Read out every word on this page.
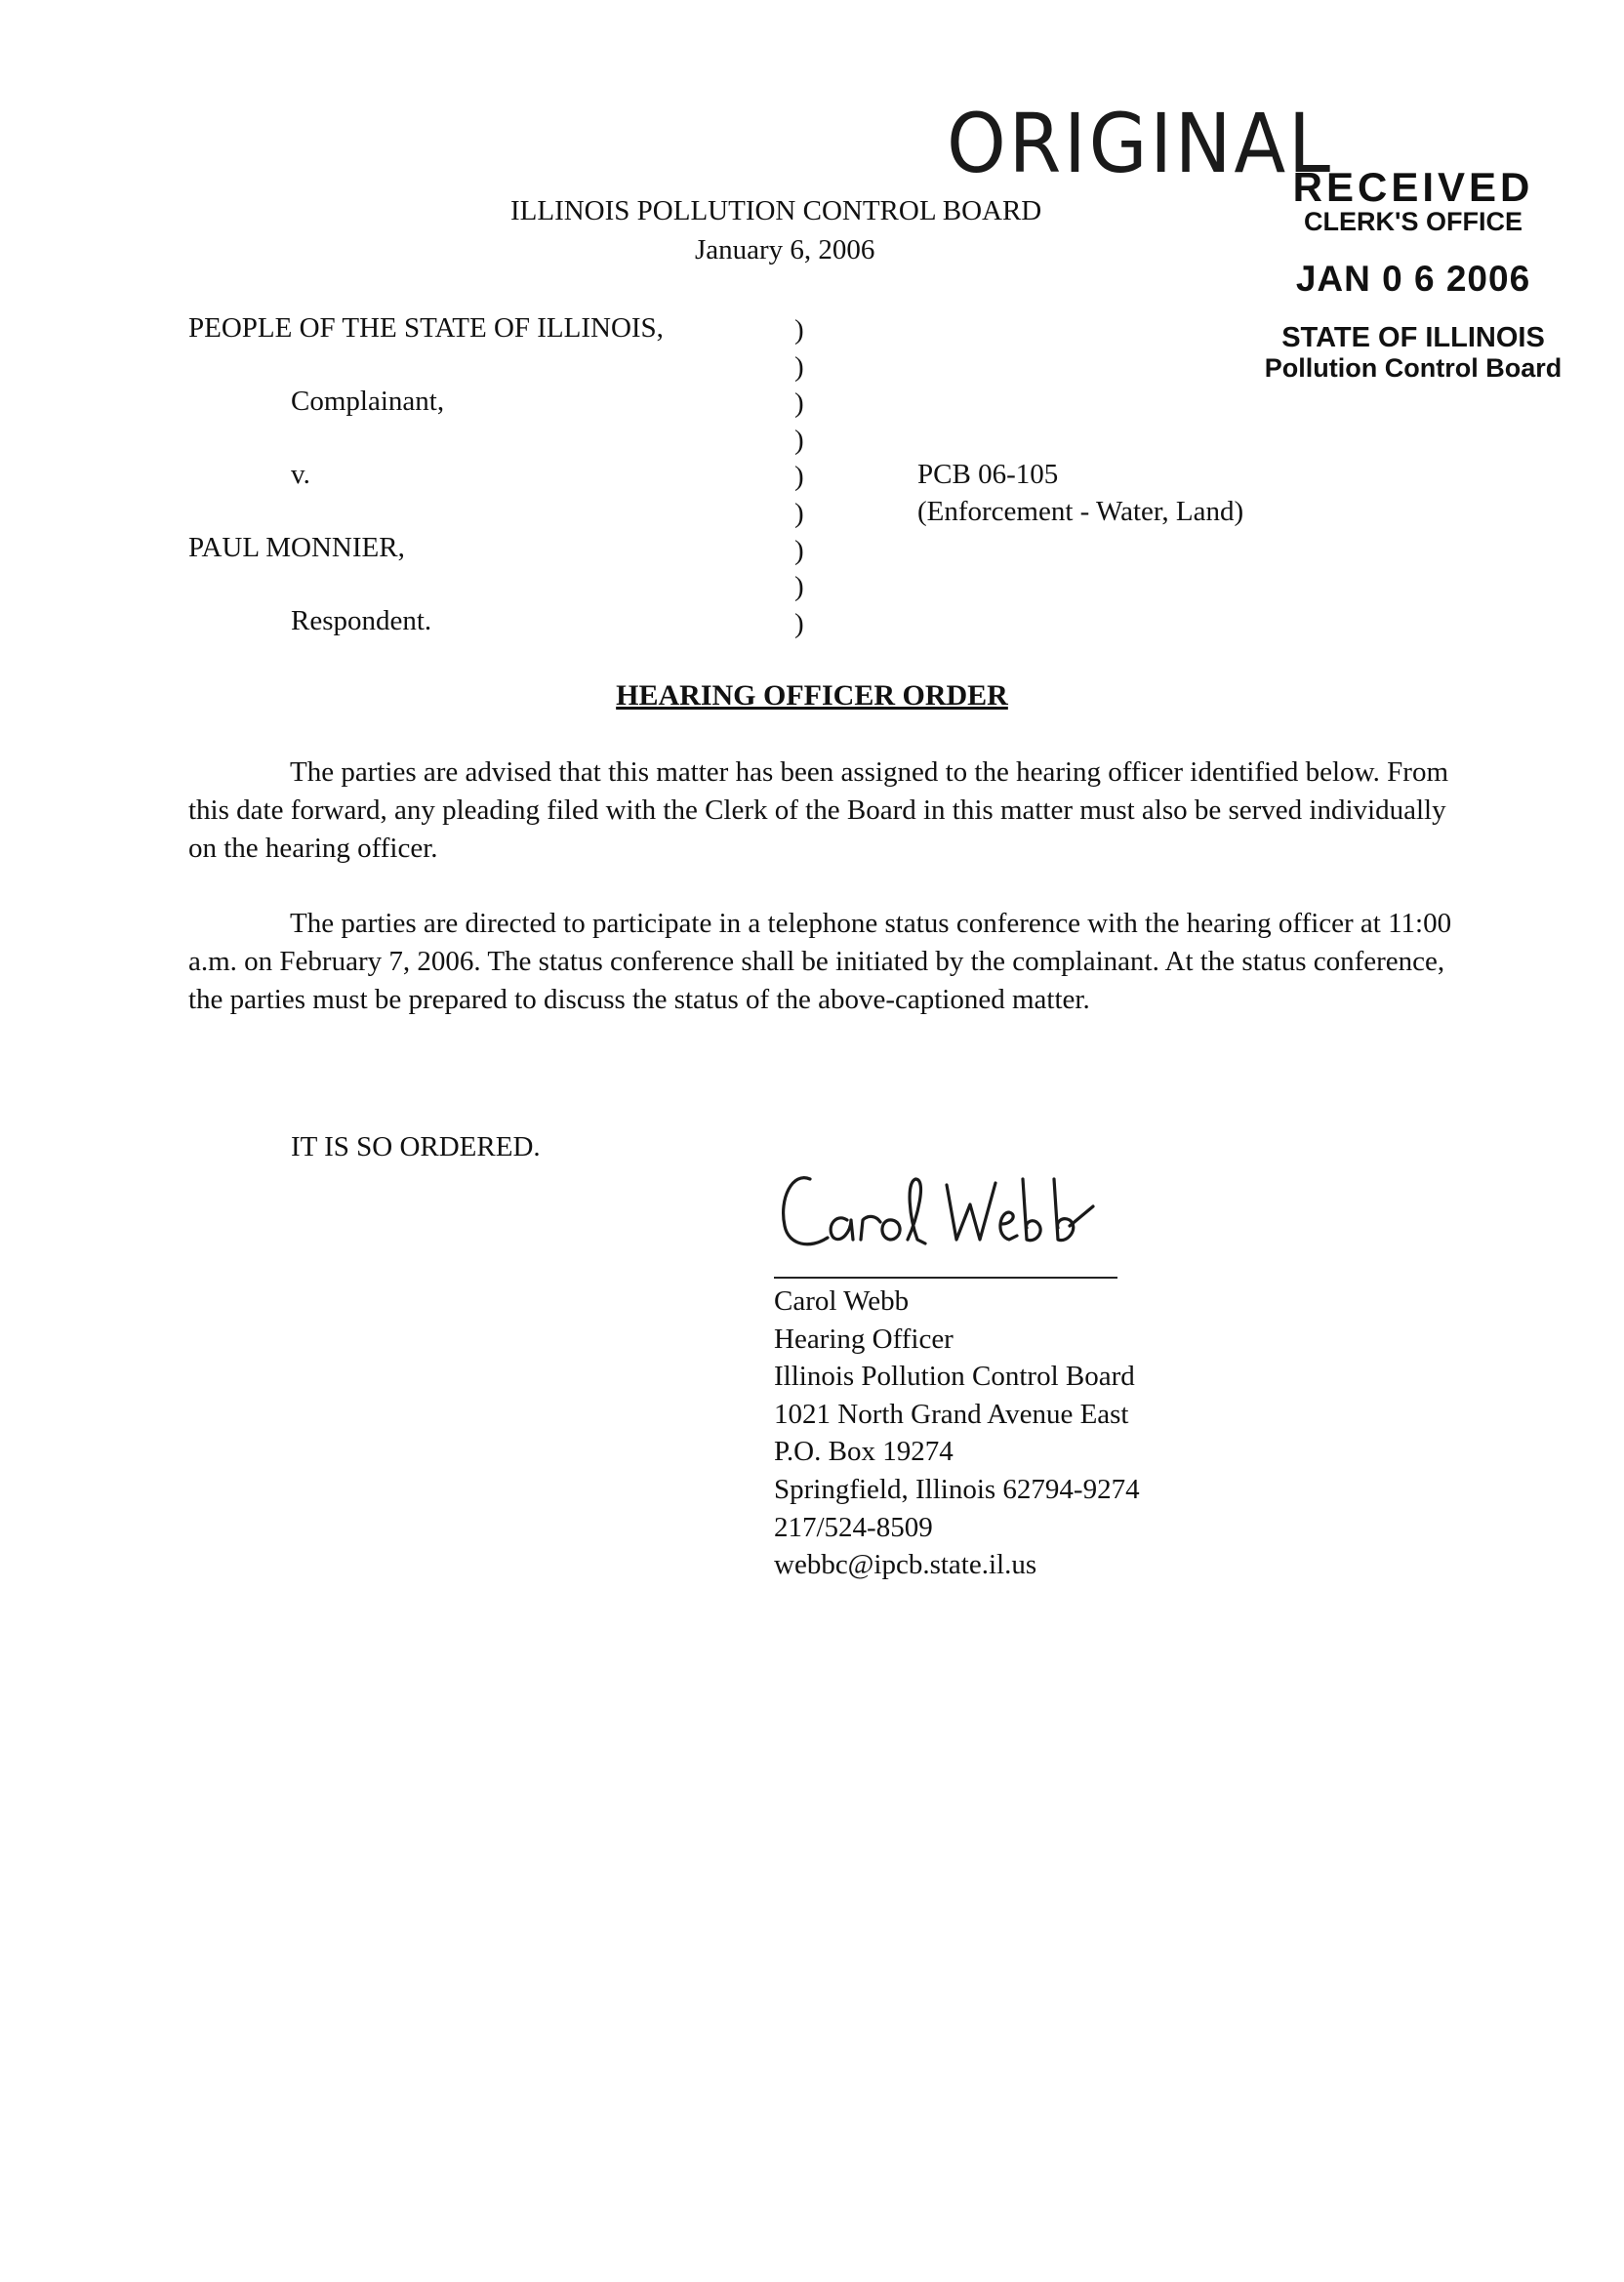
ORIGINAL
RECEIVED
CLERK'S OFFICE
JAN 0 6 2006
STATE OF ILLINOIS
Pollution Control Board
ILLINOIS POLLUTION CONTROL BOARD
January 6, 2006
PEOPLE OF THE STATE OF ILLINOIS,
Complainant,
v.
PAUL MONNIER,
Respondent.
)
)
)
)
)
)
)
)
)
PCB 06-105
(Enforcement - Water, Land)
HEARING OFFICER ORDER

The parties are advised that this matter has been assigned to the hearing officer identified below. From this date forward, any pleading filed with the Clerk of the Board in this matter must also be served individually on the hearing officer.

The parties are directed to participate in a telephone status conference with the hearing officer at 11:00 a.m. on February 7, 2006. The status conference shall be initiated by the complainant. At the status conference, the parties must be prepared to discuss the status of the above-captioned matter.

IT IS SO ORDERED.
Carol Webb
Hearing Officer
Illinois Pollution Control Board
1021 North Grand Avenue East
P.O. Box 19274
Springfield, Illinois 62794-9274
217/524-8509
webbc@ipcb.state.il.us
